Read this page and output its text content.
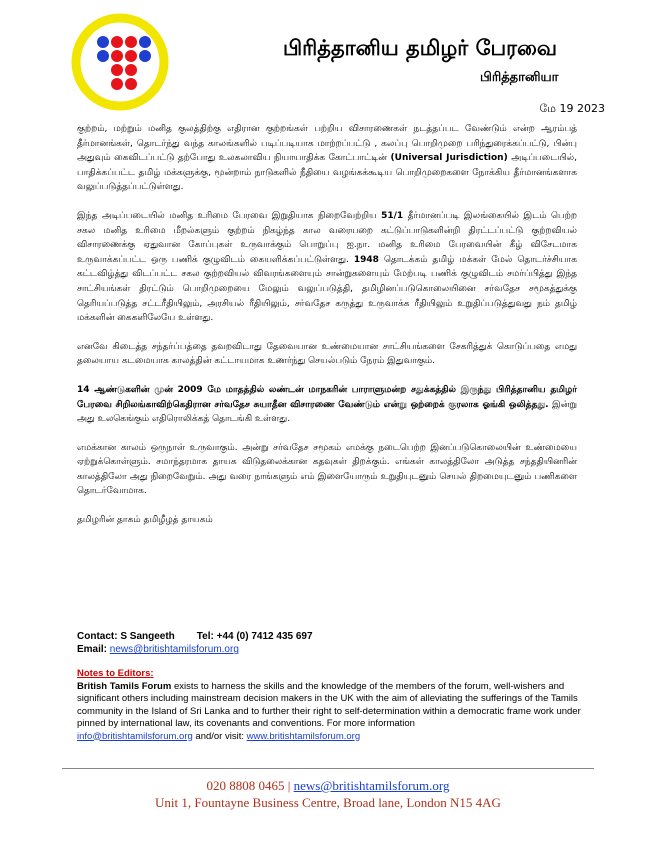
பிரித்தானிய தமிழர் பேரவை
பிரித்தானியா
மே 19 2023

குற்றம், மற்றும் மனித குலத்திற்கு எதிரான குற்றங்கள் பற்றிய விசாரணைகள் நடத்தப்பட வேண்டும் என்ற ஆரம்பத் தீர்மானங்கள், தொடர்ந்து வந்த காலங்களில் படிப்படியாக மாற்றப்பட்டு , கலப்பு பொறிமுறை பரிந்துரைக்கப்பட்டு, பின்பு அதுவும் கைவிடப்பட்டு தற்போது உலகலாவிய நியாயாதிக்க கோட்பாட்டின் (Universal Jurisdiction) அடிப்படையில், பாதிக்கப்பட்ட தமிழ் மக்களுக்கு, மூன்றாம் நாடுகளில் நீதியை வழங்கக்கூடிய பொறிமுறைகளை நோக்கிய தீர்மானங்களாக வலுப்படுத்தப்பட்டுள்ளது.

இந்த அடிப்படையில் மனித உரிமை பேரவை இறுதியாக நிறைவேற்றிய 51/1 தீர்மானப்படி இலங்கையில் இடம் பெற்ற சகல மனித உரிமை மீறல்களும் குற்றம் நிகழ்ந்த கால வரையறை கட்டுப்பாடுகளின்றி திரட்டப்பட்டு குற்றவியல் விசாரணைக்கு ஏதுவான கோப்புகள் உருவாக்கும் பொறுப்பு ஐ.நா. மனித உரிமை பேரவையின் கீழ் விசேடமாக உருவாக்கப்பட்ட ஒரு பணிக் குழுவிடம் கையளிக்கப்பட்டுள்ளது. 1948 தொடக்கம் தமிழ் மக்கள் மேல் தொடர்ச்சியாக கட்டவிழ்த்து விடப்பட்ட சகல குற்றவியல் விவரங்களையும் சான்றுகளையும் மேற்படி பணிக் குழுவிடம் சமர்ப்பித்து இந்த சாட்சியங்கள் திரட்டும் பொறிமுறையை மேலும் வலுப்படுத்தி, தமிழினப்படுகொலையினை சர்வதேச சமூகத்துக்கு தெரியப்படுத்த சட்டரீதியிலும், அரசியல் ரீதியிலும், சர்வதேச கருத்து உருவாக்க ரீதியிலும் உறுதிப்படுத்துவது நம் தமிழ் மக்களின் கைகளிலேயே உள்ளது.

எனவே கிடைத்த சந்தர்ப்பத்தை தவறவிடாது தேவையான உண்மையான சாட்சியங்களை சேகரித்துக் கொடுப்பதை எமது தலையாய கடமையாக காலத்தின் கட்டாயமாக உணர்ந்து செயல்படும் நேரம் இதுவாகும்.

14 ஆண்டுகளின் முன் 2009 மே மாதத்தில் லண்டன் மாநகரின் பாராளுமன்ற சதுக்கத்தில் இருந்து பிரித்தானிய தமிழர் பேரவை சிறிலங்காவிற்கெதிரான சர்வதேச சுயாதீன விசாரணை வேண்டும் என்று ஒற்றைக் குரலாக ஓங்கி ஒலித்தது. இன்று அது உலகெங்கும் எதிரொலிக்கத் தொடங்கி உள்ளது.

எமக்கான காலம் ஒருநாள் உருவாகும். அன்று சர்வதேச சமூகம் எமக்கு நடைபெற்ற இனப்படுகொலையின் உண்மையை ஏற்றுக்கொள்ளும். சமாந்தரமாக தாயக விடுதலைக்கான கதவுகள் திறக்கும். எங்கள் காலத்திலோ அடுத்த சந்ததியினரின் காலத்திலோ அது நிறைவேறும். அது வரை நாங்களும் எம் இளையோரும் உறுதியுடனும் செயல் திறமையுடனும் பணிகளை தொடர்வோமாக.

தமிழரின் தாகம் தமிழீழத் தாயகம்

Contact: S Sangeeth Tel: +44 (0) 7412 435 697
Email: news@britishtamilsforum.org
Notes to Editors:
British Tamils Forum exists to harness the skills and the knowledge of the members of the forum, well-wishers and significant others including mainstream decision makers in the UK with the aim of alleviating the sufferings of the Tamils community in the Island of Sri Lanka and to further their right to self-determination within a democratic frame work under pinned by international law, its covenants and conventions. For more information
info@britishtamilsforum.org and/or visit: www.britishtamilsforum.org
020 8808 0465 | news@britishtamilsforum.org
Unit 1, Fountayne Business Centre, Broad lane, London N15 4AG
